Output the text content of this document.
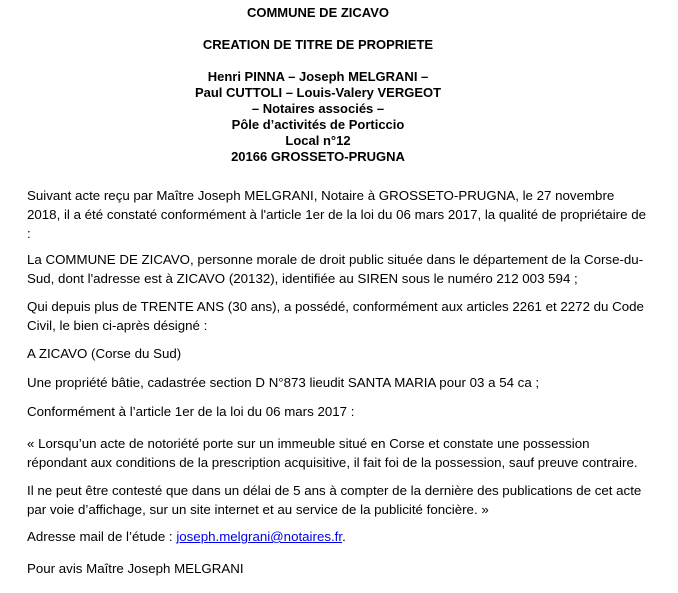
COMMUNE DE ZICAVO
CREATION DE TITRE DE PROPRIETE
Henri PINNA – Joseph MELGRANI –
Paul CUTTOLI – Louis-Valery VERGEOT
– Notaires associés –
Pôle d’activités de Porticcio
Local n°12
20166 GROSSETO-PRUGNA
Suivant acte reçu par Maître Joseph MELGRANI, Notaire à GROSSETO-PRUGNA, le 27 novembre
2018, il a été constaté conformément à l'article 1er de la loi du 06 mars 2017, la qualité de propriétaire de
:
La COMMUNE DE ZICAVO, personne morale de droit public située dans le département de la Corse-du-
Sud, dont l'adresse est à ZICAVO (20132), identifiée au SIREN sous le numéro 212 003 594 ;
Qui depuis plus de TRENTE ANS (30 ans), a possédé, conformément aux articles 2261 et 2272 du Code
Civil, le bien ci-après désigné :
A ZICAVO (Corse du Sud)
Une propriété bâtie, cadastrée section D N°873 lieudit SANTA MARIA pour 03 a 54 ca ;
Conformément à l’article 1er de la loi du 06 mars 2017 :
« Lorsqu’un acte de notoriété porte sur un immeuble situé en Corse et constate une possession
répondant aux conditions de la prescription acquisitive, il fait foi de la possession, sauf preuve contraire.
Il ne peut être contesté que dans un délai de 5 ans à compter de la dernière des publications de cet acte
par voie d’affichage, sur un site internet et au service de la publicité foncière. »
Adresse mail de l’étude : joseph.melgrani@notaires.fr.
Pour avis Maître Joseph MELGRANI
